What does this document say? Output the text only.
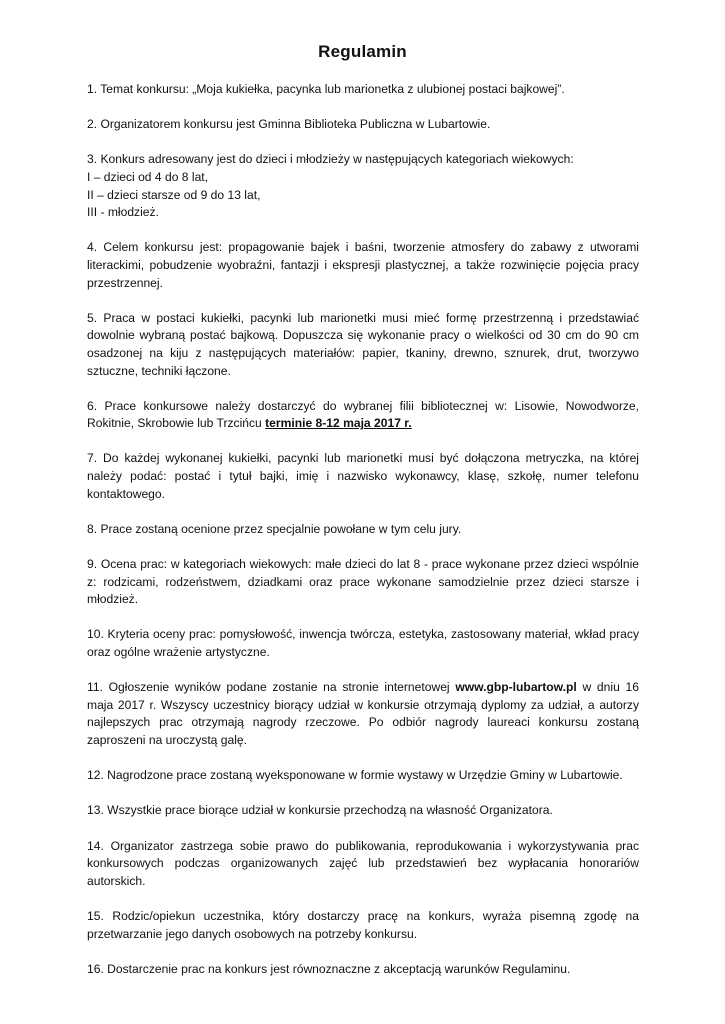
Regulamin

1. Temat konkursu: „Moja kukiełka, pacynka lub marionetka z ulubionej postaci bajkowej”.

2. Organizatorem konkursu jest Gminna Biblioteka Publiczna w Lubartowie.

3. Konkurs adresowany jest do dzieci i młodzieży w następujących kategoriach wiekowych:
I – dzieci od 4 do 8 lat,
II – dzieci starsze od 9 do 13 lat,
III - młodzież.

4. Celem konkursu jest: propagowanie bajek i baśni, tworzenie atmosfery do zabawy z utworami literackimi, pobudzenie wyobraźni, fantazji i ekspresji plastycznej, a także rozwinięcie pojęcia pracy przestrzennej.

5. Praca w postaci kukiełki, pacynki lub marionetki musi mieć formę przestrzenną i przedstawiać dowolnie wybraną postać bajkową. Dopuszcza się wykonanie pracy o wielkości od 30 cm do 90 cm osadzonej na kiju z następujących materiałów: papier, tkaniny, drewno, sznurek, drut, tworzywo sztuczne, techniki łączone.

6. Prace konkursowe należy dostarczyć do wybranej filii bibliotecznej w: Lisowie, Nowodworze, Rokitnie, Skrobowie lub Trzcińcu terminie 8-12 maja 2017 r.

7. Do każdej wykonanej kukiełki, pacynki lub marionetki musi być dołączona metryczka, na której należy podać: postać i tytuł bajki, imię i nazwisko wykonawcy, klasę, szkołę, numer telefonu kontaktowego.

8. Prace zostaną ocenione przez specjalnie powołane w tym celu jury.

9. Ocena prac: w kategoriach wiekowych: małe dzieci do lat 8 - prace wykonane przez dzieci wspólnie z: rodzicami, rodzeństwem, dziadkami oraz prace wykonane samodzielnie przez dzieci starsze i młodzież.

10. Kryteria oceny prac: pomysłowość, inwencja twórcza, estetyka, zastosowany materiał, wkład pracy oraz ogólne wrażenie artystyczne.

11. Ogłoszenie wyników podane zostanie na stronie internetowej www.gbp-lubartow.pl w dniu 16 maja 2017 r. Wszyscy uczestnicy biorący udział w konkursie otrzymają dyplomy za udział, a autorzy najlepszych prac otrzymają nagrody rzeczowe. Po odbiór nagrody laureaci konkursu zostaną zaproszeni na uroczystą galę.

12. Nagrodzone prace zostaną wyeksponowane w formie wystawy w Urzędzie Gminy w Lubartowie.

13. Wszystkie prace biorące udział w konkursie przechodzą na własność Organizatora.

14. Organizator zastrzega sobie prawo do publikowania, reprodukowania i wykorzystywania prac konkursowych podczas organizowanych zajęć lub przedstawień bez wypłacania honorariów autorskich.

15. Rodzic/opiekun uczestnika, który dostarczy pracę na konkurs, wyraża pisemną zgodę na przetwarzanie jego danych osobowych na potrzeby konkursu.

16. Dostarczenie prac na konkurs jest równoznaczne z akceptacją warunków Regulaminu.
